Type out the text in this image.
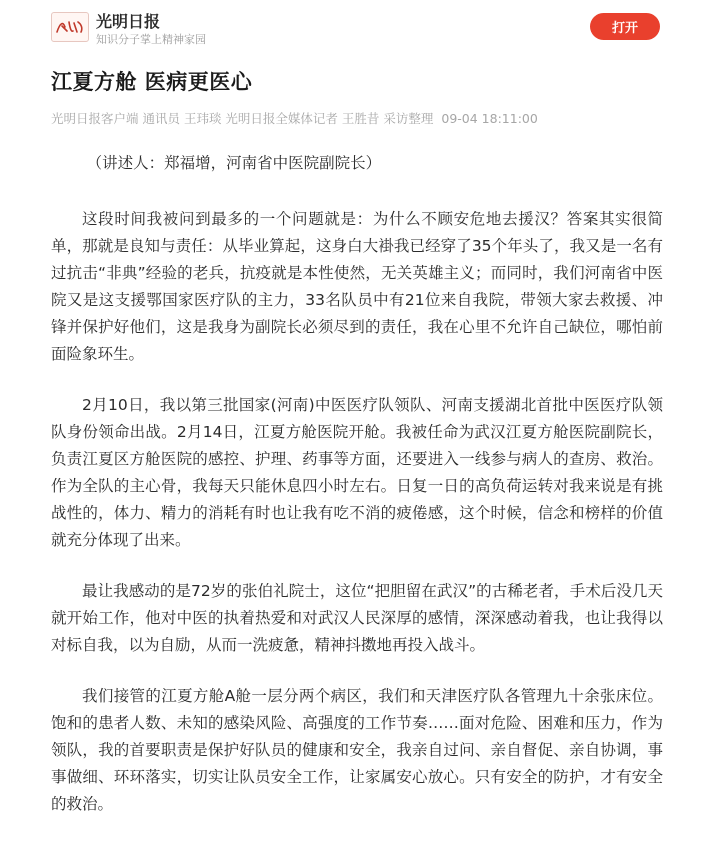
光明日报
知识分子掌上精神家园
打开
江夏方舱 医病更医心
光明日报客户端 通讯员 王玮琰 光明日报全媒体记者 王胜昔 采访整理 09-04 18:11:00

（讲述人：郑福增，河南省中医院副院长）

这段时间我被问到最多的一个问题就是：为什么不顾安危地去援汉？答案其实很简单，那就是良知与责任：从毕业算起，这身白大褂我已经穿了35个年头了，我又是一名有过抗击“非典”经验的老兵，抗疫就是本性使然，无关英雄主义；而同时，我们河南省中医院又是这支援鄂国家医疗队的主力，33名队员中有21位来自我院，带领大家去救援、冲锋并保护好他们，这是我身为副院长必须尽到的责任，我在心里不允许自己缺位，哪怕前面险象环生。

2月10日，我以第三批国家(河南)中医医疗队领队、河南支援湖北首批中医医疗队领队身份领命出战。2月14日，江夏方舱医院开舱。我被任命为武汉江夏方舱医院副院长，负责江夏区方舱医院的感控、护理、药事等方面，还要进入一线参与病人的查房、救治。作为全队的主心骨，我每天只能休息四小时左右。日复一日的高负荷运转对我来说是有挑战性的，体力、精力的消耗有时也让我有吃不消的疲倦感，这个时候，信念和榜样的价值就充分体现了出来。

最让我感动的是72岁的张伯礼院士，这位“把胆留在武汉”的古稀老者，手术后没几天就开始工作，他对中医的执着热爱和对武汉人民深厚的感情，深深感动着我，也让我得以对标自我，以为自励，从而一洗疲惫，精神抖擞地再投入战斗。

我们接管的江夏方舱A舱一层分两个病区，我们和天津医疗队各管理九十余张床位。饱和的患者人数、未知的感染风险、高强度的工作节奏……面对危险、困难和压力，作为领队，我的首要职责是保护好队员的健康和安全，我亲自过问、亲自督促、亲自协调，事事做细、环环落实，切实让队员安全工作，让家属安心放心。只有安全的防护，才有安全的救治。
